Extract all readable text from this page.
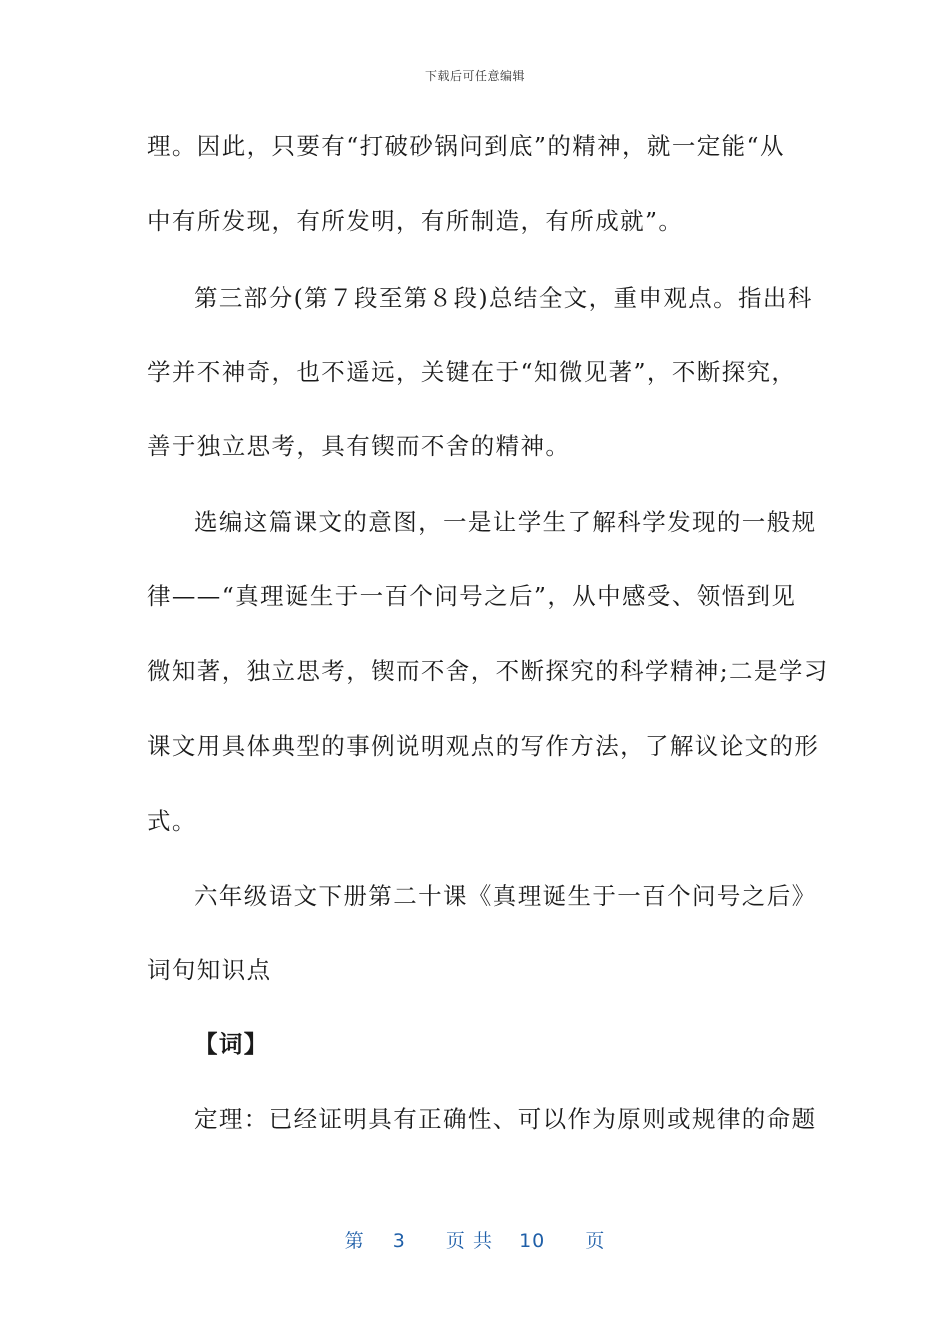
下载后可任意编辑
理。因此，只要有“打破砂锅问到底”的精神，就一定能“从
中有所发现，有所发明，有所制造，有所成就”。
第三部分(第７段至第８段)总结全文，重申观点。指出科
学并不神奇，也不遥远，关键在于“知微见著”，不断探究，
善于独立思考，具有锲而不舍的精神。
选编这篇课文的意图，一是让学生了解科学发现的一般规
律——“真理诞生于一百个问号之后”，从中感受、领悟到见
微知著，独立思考，锲而不舍，不断探究的科学精神;二是学习
课文用具体典型的事例说明观点的写作方法，了解议论文的形
式。
六年级语文下册第二十课《真理诞生于一百个问号之后》
词句知识点
【词】
定理：已经证明具有正确性、可以作为原则或规律的命题
第 3 页 共 10 页
